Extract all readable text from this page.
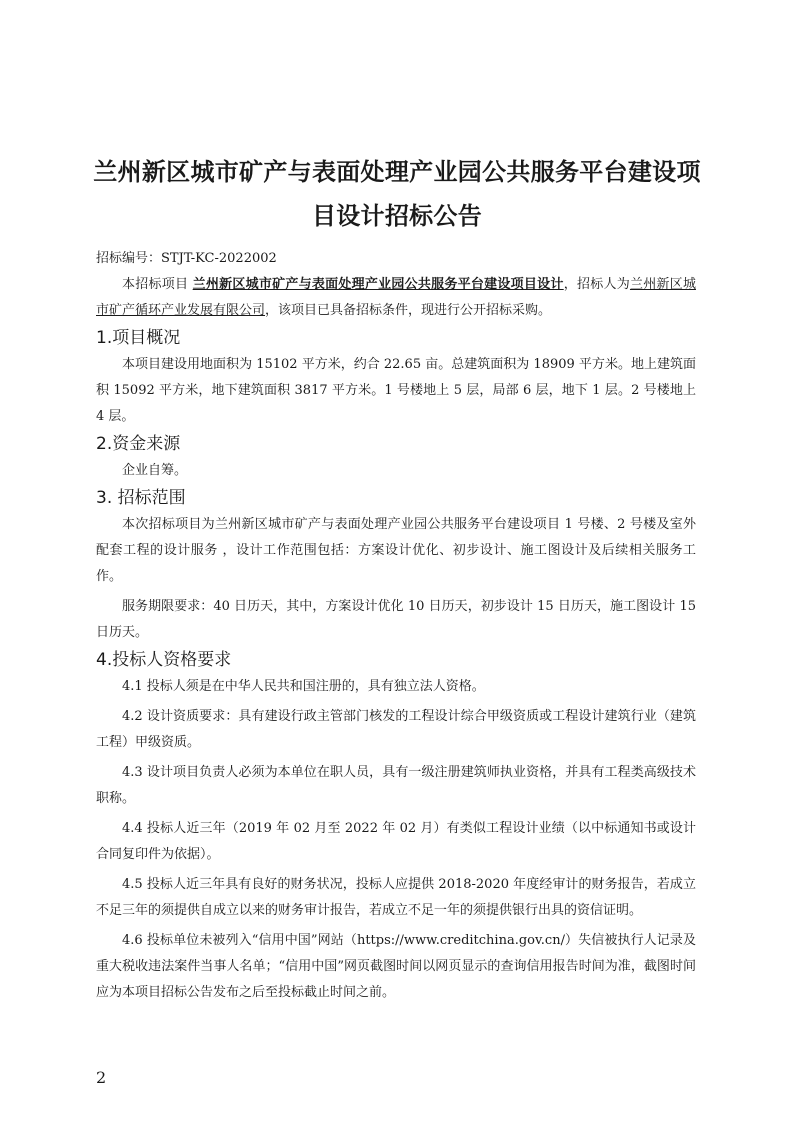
兰州新区城市矿产与表面处理产业园公共服务平台建设项
目设计招标公告

招标编号：STJT-KC-2022002

本招标项目 兰州新区城市矿产与表面处理产业园公共服务平台建设项目设计，招标人为兰州新区城市矿产循环产业发展有限公司，该项目已具备招标条件，现进行公开招标采购。

1.项目概况

本项目建设用地面积为 15102 平方米，约合 22.65 亩。总建筑面积为 18909 平方米。地上建筑面积 15092 平方米，地下建筑面积 3817 平方米。1 号楼地上 5 层，局部 6 层，地下 1 层。2 号楼地上 4 层。

2.资金来源

企业自筹。

3. 招标范围

本次招标项目为兰州新区城市矿产与表面处理产业园公共服务平台建设项目 1 号楼、2 号楼及室外配套工程的设计服务 ，设计工作范围包括：方案设计优化、初步设计、施工图设计及后续相关服务工作。

服务期限要求：40 日历天，其中，方案设计优化 10 日历天，初步设计 15 日历天，施工图设计 15 日历天。

4.投标人资格要求

4.1 投标人须是在中华人民共和国注册的，具有独立法人资格。

4.2 设计资质要求：具有建设行政主管部门核发的工程设计综合甲级资质或工程设计建筑行业（建筑工程）甲级资质。

4.3 设计项目负责人必须为本单位在职人员，具有一级注册建筑师执业资格，并具有工程类高级技术职称。

4.4 投标人近三年（2019 年 02 月至 2022 年 02 月）有类似工程设计业绩（以中标通知书或设计合同复印件为依据）。

4.5 投标人近三年具有良好的财务状况，投标人应提供 2018-2020 年度经审计的财务报告，若成立不足三年的须提供自成立以来的财务审计报告，若成立不足一年的须提供银行出具的资信证明。

4.6 投标单位未被列入“信用中国”网站（https://www.creditchina.gov.cn/）失信被执行人记录及重大税收违法案件当事人名单；“信用中国”网页截图时间以网页显示的查询信用报告时间为准，截图时间应为本项目招标公告发布之后至投标截止时间之前。

2
